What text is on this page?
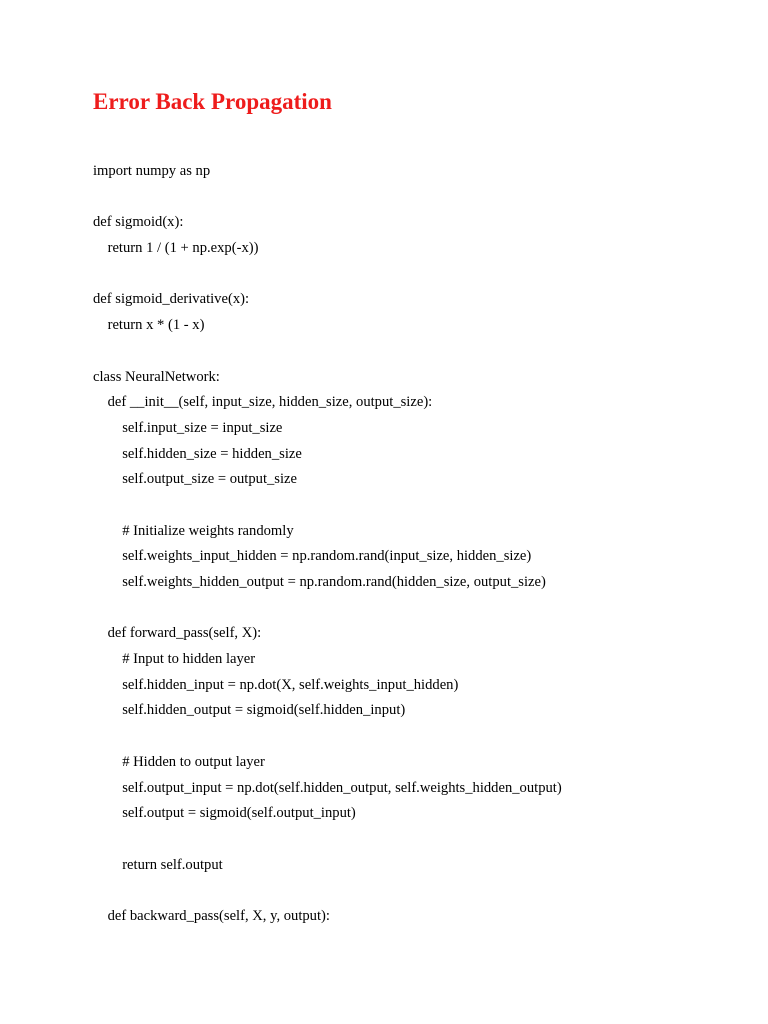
Error Back Propagation
import numpy as np
def sigmoid(x):
return 1 / (1 + np.exp(-x))
def sigmoid_derivative(x):
return x * (1 - x)
class NeuralNetwork:
def __init__(self, input_size, hidden_size, output_size):
self.input_size = input_size
self.hidden_size = hidden_size
self.output_size = output_size
# Initialize weights randomly
self.weights_input_hidden = np.random.rand(input_size, hidden_size)
self.weights_hidden_output = np.random.rand(hidden_size, output_size)
def forward_pass(self, X):
# Input to hidden layer
self.hidden_input = np.dot(X, self.weights_input_hidden)
self.hidden_output = sigmoid(self.hidden_input)
# Hidden to output layer
self.output_input = np.dot(self.hidden_output, self.weights_hidden_output)
self.output = sigmoid(self.output_input)
return self.output
def backward_pass(self, X, y, output):
